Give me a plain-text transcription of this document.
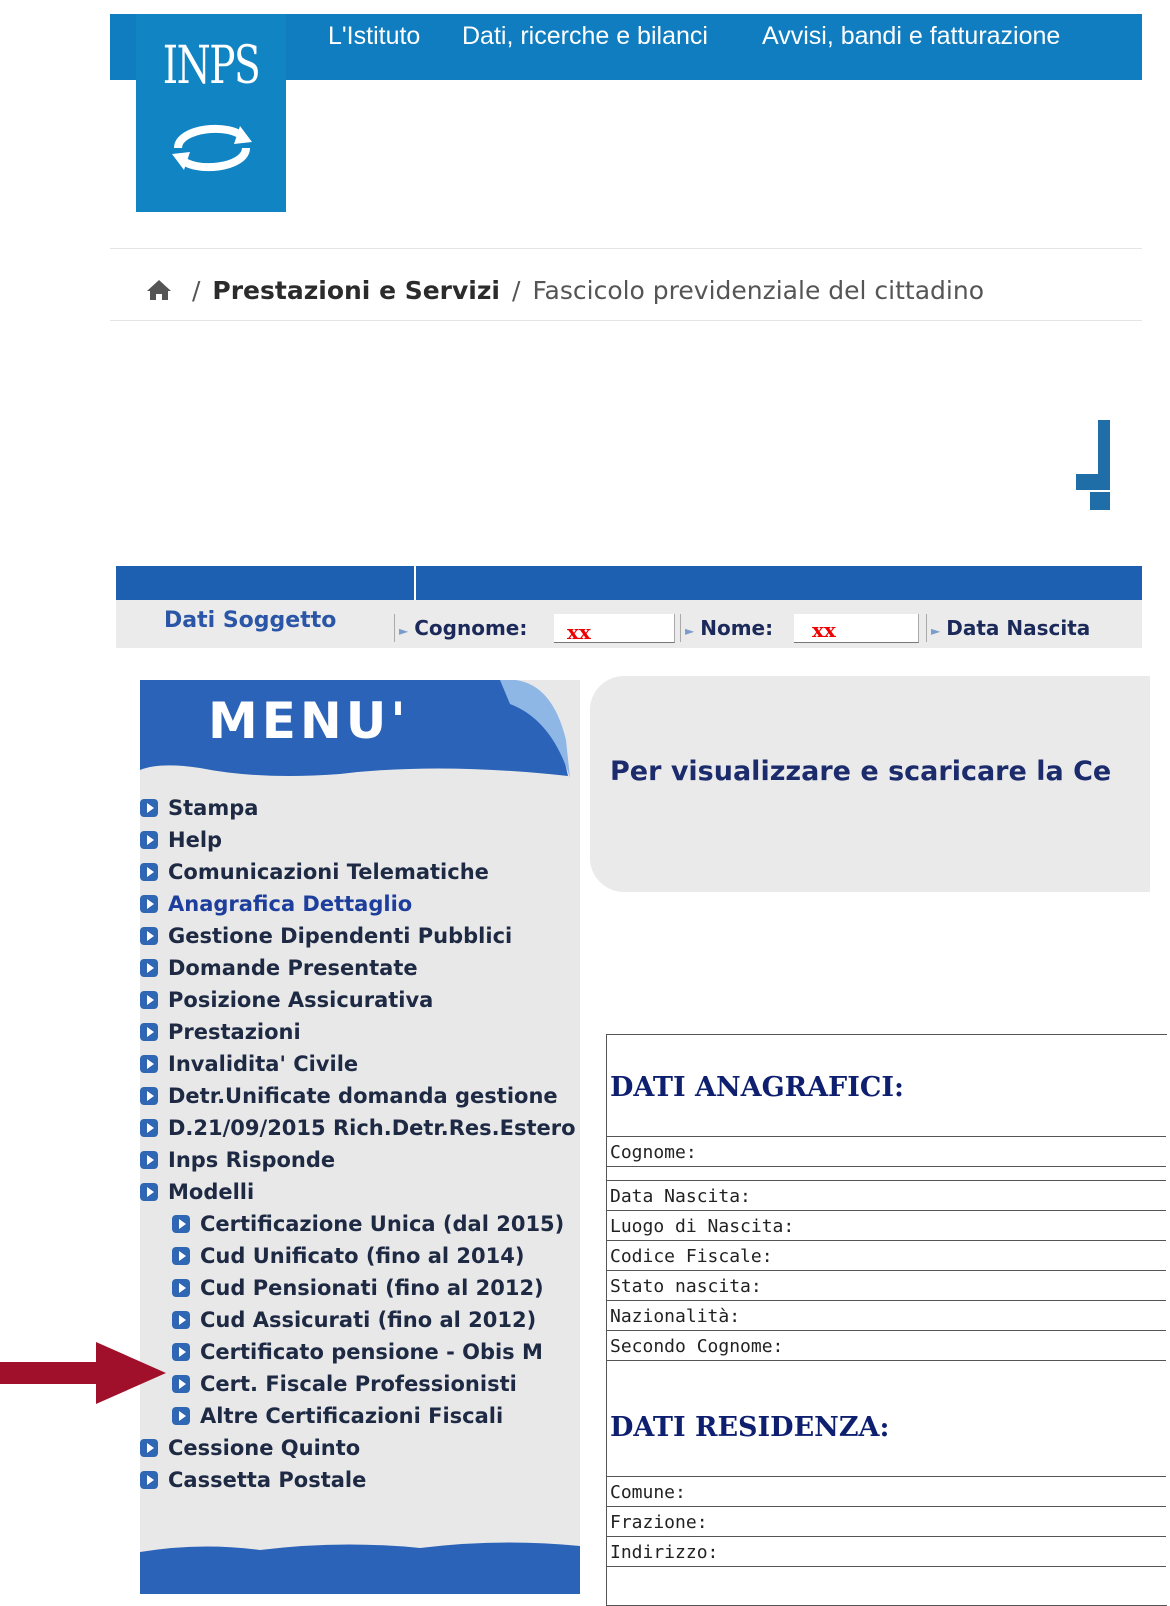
INPS	L'Istituto Dati, ricerche e bilanci Avvisi, bandi e fatturazione
/ Prestazioni e Servizi / Fascicolo previdenziale del cittadino
Dati Soggetto	► Cognome:	xx	► Nome:	xx	► Data Nascita
MENU'
Stampa
Help
Comunicazioni Telematiche
Anagrafica Dettaglio
Gestione Dipendenti Pubblici
Domande Presentate
Posizione Assicurativa
Prestazioni
Invalidita' Civile
Detr.Unificate domanda gestione
D.21/09/2015 Rich.Detr.Res.Estero
Inps Risponde
Modelli
Certificazione Unica (dal 2015)
Cud Unificato (fino al 2014)
Cud Pensionati (fino al 2012)
Cud Assicurati (fino al 2012)
Certificato pensione - Obis M
Cert. Fiscale Professionisti
Altre Certificazioni Fiscali
Cessione Quinto
Cassetta Postale
Per visualizzare e scaricare la Ce
DATI ANAGRAFICI:
Cognome:
Data Nascita:
Luogo di Nascita:
Codice Fiscale:
Stato nascita:
Nazionalità:
Secondo Cognome:
DATI RESIDENZA:
Comune:
Frazione:
Indirizzo:
